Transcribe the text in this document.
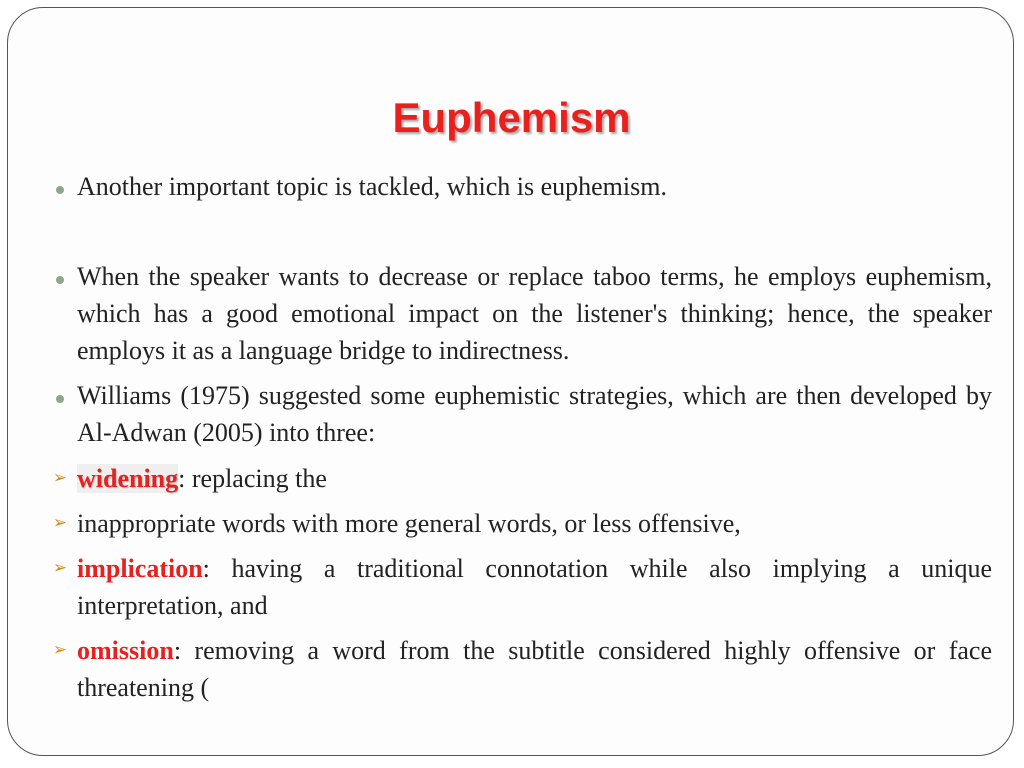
Euphemism
Another important topic is tackled, which is euphemism.
When the speaker wants to decrease or replace taboo terms, he employs euphemism, which has a good emotional impact on the listener's thinking; hence, the speaker employs it as a language bridge to indirectness.
Williams (1975) suggested some euphemistic strategies, which are then developed by Al-Adwan (2005) into three:
➢ widening: replacing the
➢ inappropriate words with more general words, or less offensive,
➢ implication: having a traditional connotation while also implying a unique interpretation, and
➢ omission: removing a word from the subtitle considered highly offensive or face threatening (
